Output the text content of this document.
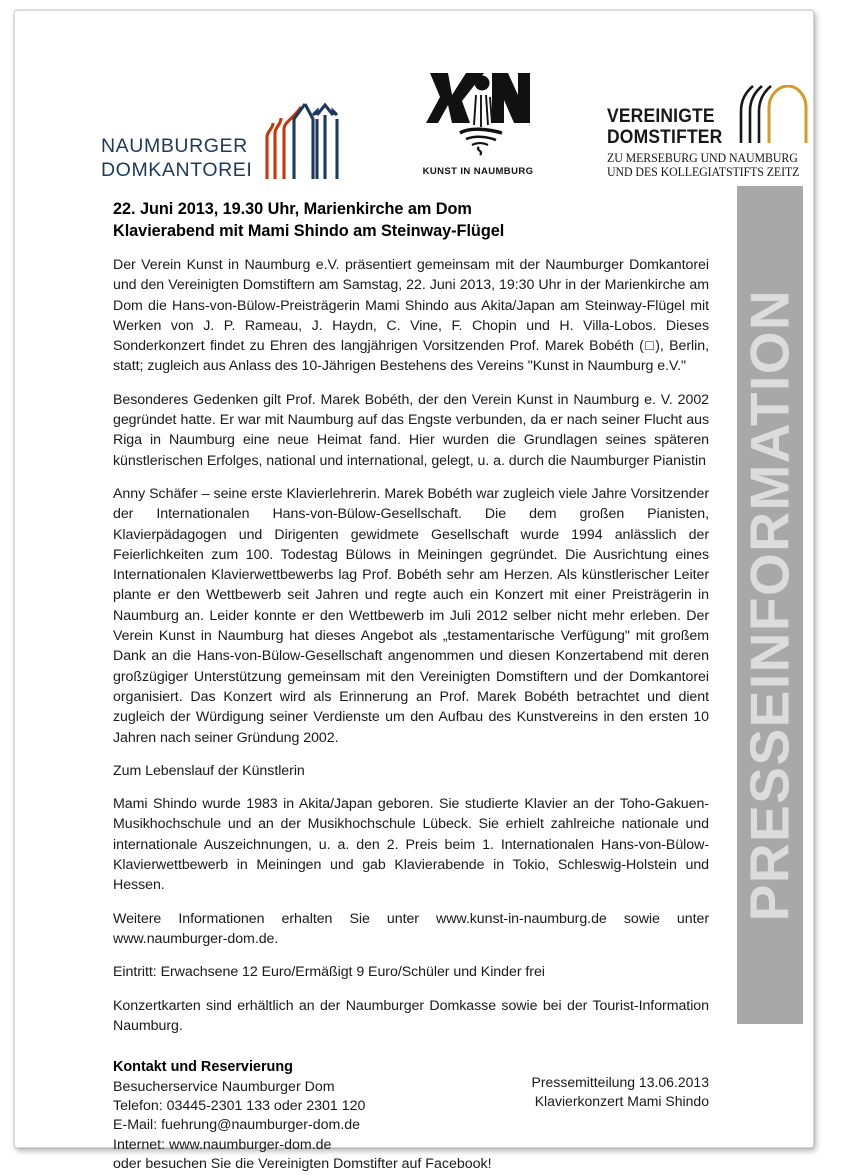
NAUMBURGER
DOMKANTOREI	KUNST IN NAUMBURG
VEREINIGTE
DOMSTIFTER
ZU MERSEBURG UND NAUMBURG
UND DES KOLLEGIATSTIFTS ZEITZ
PRESSEINFORMATION
22. Juni 2013, 19.30 Uhr, Marienkirche am Dom
Klavierabend mit Mami Shindo am Steinway-Flügel

Der Verein Kunst in Naumburg e.V. präsentiert gemeinsam mit der Naumburger Domkantorei und den Vereinigten Domstiftern am Samstag, 22. Juni 2013, 19:30 Uhr in der Marienkirche am Dom die Hans-von-Bülow-Preisträgerin Mami Shindo aus Akita/Japan am Steinway-Flügel mit Werken von J. P. Rameau, J. Haydn, C. Vine, F. Chopin und H. Villa-Lobos. Dieses Sonderkonzert findet zu Ehren des langjährigen Vorsitzenden Prof. Marek Bobéth (□), Berlin, statt; zugleich aus Anlass des 10-Jährigen Bestehens des Vereins "Kunst in Naumburg e.V."

Besonderes Gedenken gilt Prof. Marek Bobéth, der den Verein Kunst in Naumburg e. V. 2002 gegründet hatte. Er war mit Naumburg auf das Engste verbunden, da er nach seiner Flucht aus Riga in Naumburg eine neue Heimat fand. Hier wurden die Grundlagen seines späteren künstlerischen Erfolges, national und international, gelegt, u. a. durch die Naumburger Pianistin

Anny Schäfer – seine erste Klavierlehrerin. Marek Bobéth war zugleich viele Jahre Vorsitzender der Internationalen Hans-von-Bülow-Gesellschaft. Die dem großen Pianisten, Klavierpädagogen und Dirigenten gewidmete Gesellschaft wurde 1994 anlässlich der Feierlichkeiten zum 100. Todestag Bülows in Meiningen gegründet. Die Ausrichtung eines Internationalen Klavierwettbewerbs lag Prof. Bobéth sehr am Herzen. Als künstlerischer Leiter plante er den Wettbewerb seit Jahren und regte auch ein Konzert mit einer Preisträgerin in Naumburg an. Leider konnte er den Wettbewerb im Juli 2012 selber nicht mehr erleben. Der Verein Kunst in Naumburg hat dieses Angebot als „testamentarische Verfügung" mit großem Dank an die Hans-von-Bülow-Gesellschaft angenommen und diesen Konzertabend mit deren großzügiger Unterstützung gemeinsam mit den Vereinigten Domstiftern und der Domkantorei organisiert. Das Konzert wird als Erinnerung an Prof. Marek Bobéth betrachtet und dient zugleich der Würdigung seiner Verdienste um den Aufbau des Kunstvereins in den ersten 10 Jahren nach seiner Gründung 2002.

Zum Lebenslauf der Künstlerin

Mami Shindo wurde 1983 in Akita/Japan geboren. Sie studierte Klavier an der Toho-Gakuen-Musikhochschule und an der Musikhochschule Lübeck. Sie erhielt zahlreiche nationale und internationale Auszeichnungen, u. a. den 2. Preis beim 1. Internationalen Hans-von-Bülow-Klavierwettbewerb in Meiningen und gab Klavierabende in Tokio, Schleswig-Holstein und Hessen.

Weitere Informationen erhalten Sie unter www.kunst-in-naumburg.de sowie unter www.naumburger-dom.de.

Eintritt: Erwachsene 12 Euro/Ermäßigt 9 Euro/Schüler und Kinder frei

Konzertkarten sind erhältlich an der Naumburger Domkasse sowie bei der Tourist-Information Naumburg.

Kontakt und Reservierung
Besucherservice Naumburger Dom
Telefon: 03445-2301 133 oder 2301 120
E-Mail: fuehrung@naumburger-dom.de
Internet: www.naumburger-dom.de
oder besuchen Sie die Vereinigten Domstifter auf Facebook!
Pressemitteilung 13.06.2013
Klavierkonzert Mami Shindo
